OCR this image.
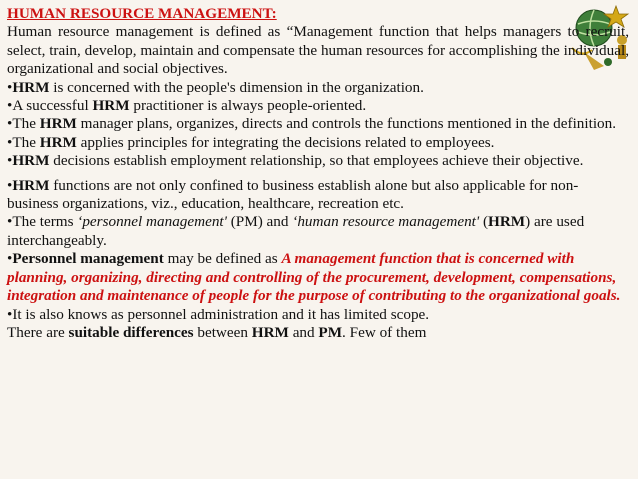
HUMAN RESOURCE MANAGEMENT:

Human resource management is defined as “Management function that helps managers to recruit, select, train, develop, maintain and compensate the human resources for accomplishing the individual, organizational and social objectives.

•HRM is concerned with the people's dimension in the organization.

•A successful HRM practitioner is always people-oriented.

•The HRM manager plans, organizes, directs and controls the functions mentioned in the definition.

•The HRM applies principles for integrating the decisions related to employees.

•HRM decisions establish employment relationship, so that employees achieve their objective.

•HRM functions are not only confined to business establish alone but also applicable for non- business organizations, viz., education, healthcare, recreation etc.

•The terms ‘personnel management' (PM) and ‘human resource management' (HRM) are used interchangeably.

•Personnel management may be defined as A management function that is concerned with planning, organizing, directing and controlling of the procurement, development, compensations, integration and maintenance of people for the purpose of contributing to the organizational goals.

•It is also knows as personnel administration and it has limited scope.

There are suitable differences between HRM and PM. Few of them
